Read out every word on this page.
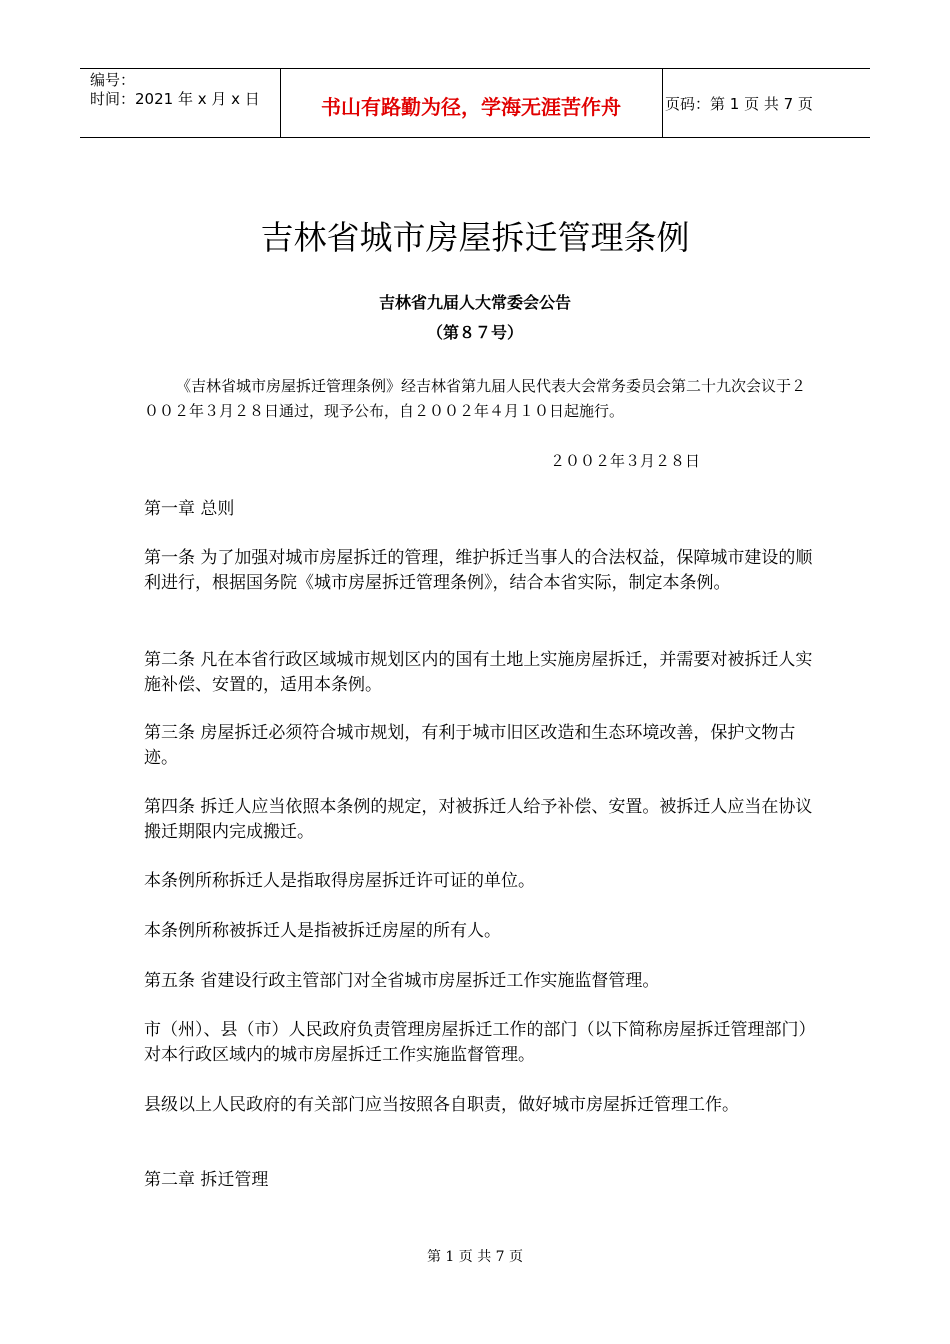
编号：
时间：2021 年 x 月 x 日	书山有路勤为径，学海无涯苦作舟	页码：第 1 页 共 7 页
吉林省城市房屋拆迁管理条例
吉林省九届人大常委会公告
（第８７号）

《吉林省城市房屋拆迁管理条例》经吉林省第九届人民代表大会常务委员会第二十九次会议于２００２年３月２８日通过，现予公布，自２００２年４月１０日起施行。

２００２年３月２８日

第一章 总则

第一条 为了加强对城市房屋拆迁的管理，维护拆迁当事人的合法权益，保障城市建设的顺利进行，根据国务院《城市房屋拆迁管理条例》，结合本省实际，制定本条例。

第二条 凡在本省行政区域城市规划区内的国有土地上实施房屋拆迁，并需要对被拆迁人实施补偿、安置的，适用本条例。

第三条 房屋拆迁必须符合城市规划，有利于城市旧区改造和生态环境改善，保护文物古迹。

第四条 拆迁人应当依照本条例的规定，对被拆迁人给予补偿、安置。被拆迁人应当在协议搬迁期限内完成搬迁。

本条例所称拆迁人是指取得房屋拆迁许可证的单位。

本条例所称被拆迁人是指被拆迁房屋的所有人。

第五条 省建设行政主管部门对全省城市房屋拆迁工作实施监督管理。

市（州）、县（市）人民政府负责管理房屋拆迁工作的部门（以下简称房屋拆迁管理部门）对本行政区域内的城市房屋拆迁工作实施监督管理。

县级以上人民政府的有关部门应当按照各自职责，做好城市房屋拆迁管理工作。

第二章 拆迁管理

第 1 页 共 7 页
